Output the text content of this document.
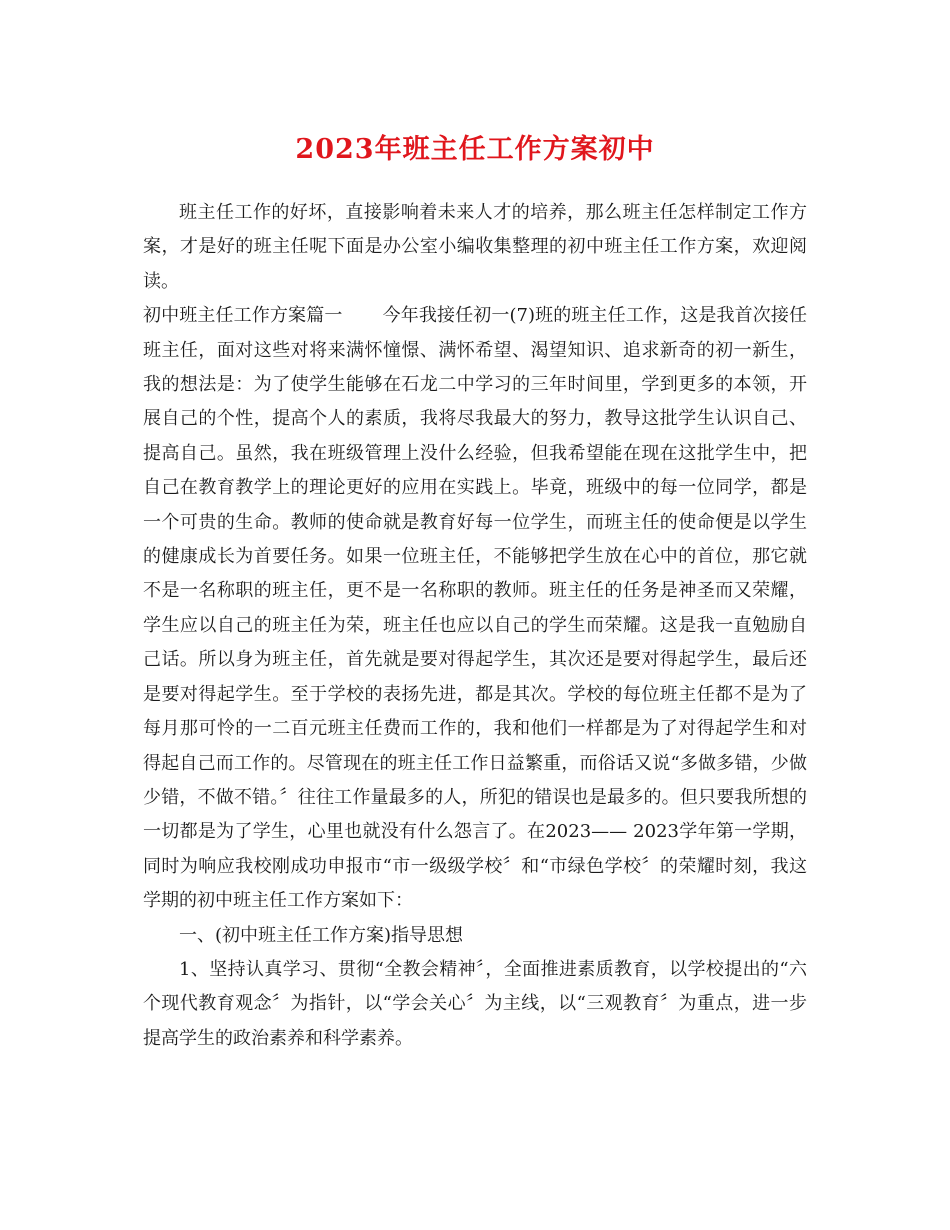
2023年班主任工作方案初中

班主任工作的好坏，直接影响着未来人才的培养，那么班主任怎样制定工作方案，才是好的班主任呢下面是办公室小编收集整理的初中班主任工作方案，欢迎阅读。

初中班主任工作方案篇一 今年我接任初一(7)班的班主任工作，这是我首次接任班主任，面对这些对将来满怀憧憬、满怀希望、渴望知识、追求新奇的初一新生，我的想法是：为了使学生能够在石龙二中学习的三年时间里，学到更多的本领，开展自己的个性，提高个人的素质，我将尽我最大的努力，教导这批学生认识自己、提高自己。虽然，我在班级管理上没什么经验，但我希望能在现在这批学生中，把自己在教育教学上的理论更好的应用在实践上。毕竟，班级中的每一位同学，都是一个可贵的生命。教师的使命就是教育好每一位学生，而班主任的使命便是以学生的健康成长为首要任务。如果一位班主任，不能够把学生放在心中的首位，那它就不是一名称职的班主任，更不是一名称职的教师。班主任的任务是神圣而又荣耀，学生应以自己的班主任为荣，班主任也应以自己的学生而荣耀。这是我一直勉励自己话。所以身为班主任，首先就是要对得起学生，其次还是要对得起学生，最后还是要对得起学生。至于学校的表扬先进，都是其次。学校的每位班主任都不是为了每月那可怜的一二百元班主任费而工作的，我和他们一样都是为了对得起学生和对得起自己而工作的。尽管现在的班主任工作日益繁重，而俗话又说“多做多错，少做少错，不做不错。〞往往工作量最多的人，所犯的错误也是最多的。但只要我所想的一切都是为了学生，心里也就没有什么怨言了。在2023—— 2023学年第一学期，同时为响应我校刚成功申报市“市一级级学校〞和“市绿色学校〞的荣耀时刻，我这学期的初中班主任工作方案如下：

一、(初中班主任工作方案)指导思想

1、坚持认真学习、贯彻“全教会精神〞，全面推进素质教育，以学校提出的“六个现代教育观念〞为指针，以“学会关心〞为主线，以“三观教育〞为重点，进一步提高学生的政治素养和科学素养。
